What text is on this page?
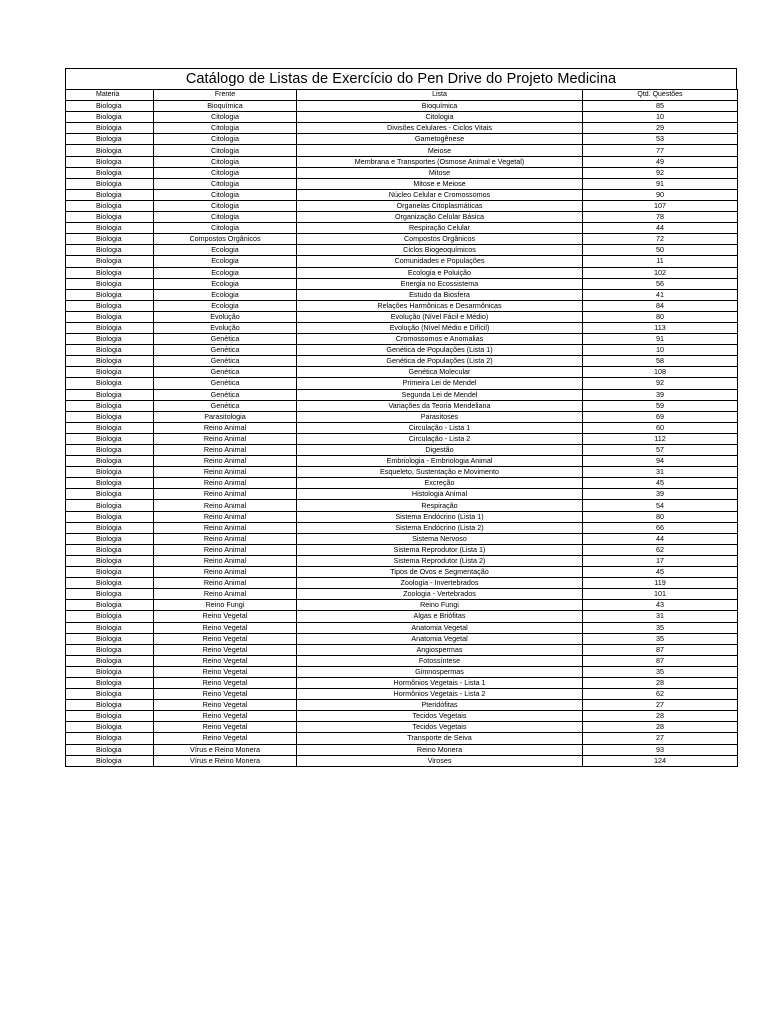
Catálogo de Listas de Exercício do Pen Drive do Projeto Medicina
Materia	Frente	Lista	Qtd. Questões
Biologia	Bioquímica	Bioquímica	85
Biologia	Citologia	Citologia	10
Biologia	Citologia	Divisões Celulares - Ciclos Vitais	29
Biologia	Citologia	Gametogênese	53
Biologia	Citologia	Meiose	77
Biologia	Citologia	Membrana e Transportes (Osmose Animal e Vegetal)	49
Biologia	Citologia	Mitose	92
Biologia	Citologia	Mitose e Meiose	91
Biologia	Citologia	Núcleo Celular e Cromossomos	90
Biologia	Citologia	Organelas Citoplasmáticas	107
Biologia	Citologia	Organização Celular Básica	78
Biologia	Citologia	Respiração Celular	44
Biologia	Compostos Orgânicos	Compostos Orgânicos	72
Biologia	Ecologia	Ciclos Biogeoquímicos	50
Biologia	Ecologia	Comunidades e Populações	11
Biologia	Ecologia	Ecologia e Poluição	102
Biologia	Ecologia	Energia no Ecossistema	56
Biologia	Ecologia	Estudo da Biosfera	41
Biologia	Ecologia	Relações Harmônicas e Desarmônicas	84
Biologia	Evolução	Evolução (Nível Fácil e Médio)	80
Biologia	Evolução	Evolução (Nível Médio e Difícil)	113
Biologia	Genética	Cromossomos e Anomalias	91
Biologia	Genética	Genética de Populações (Lista 1)	10
Biologia	Genética	Genética de Populações (Lista 2)	58
Biologia	Genética	Genética Molecular	108
Biologia	Genética	Primeira Lei de Mendel	92
Biologia	Genética	Segunda Lei de Mendel	39
Biologia	Genética	Variações da Teoria Mendeliana	59
Biologia	Parasitologia	Parasitoses	69
Biologia	Reino Animal	Circulação - Lista 1	60
Biologia	Reino Animal	Circulação - Lista 2	112
Biologia	Reino Animal	Digestão	57
Biologia	Reino Animal	Embriologia - Embriologia Animal	94
Biologia	Reino Animal	Esqueleto, Sustentação e Movimento	31
Biologia	Reino Animal	Excreção	45
Biologia	Reino Animal	Histologia Animal	39
Biologia	Reino Animal	Respiração	54
Biologia	Reino Animal	Sistema Endócrino (Lista 1)	80
Biologia	Reino Animal	Sistema Endócrino (Lista 2)	66
Biologia	Reino Animal	Sistema Nervoso	44
Biologia	Reino Animal	Sistema Reprodutor (Lista 1)	62
Biologia	Reino Animal	Sistema Reprodutor (Lista 2)	17
Biologia	Reino Animal	Tipos de Ovos e Segmentação	45
Biologia	Reino Animal	Zoologia - Invertebrados	119
Biologia	Reino Animal	Zoologia - Vertebrados	101
Biologia	Reino Fungi	Reino Fungi	43
Biologia	Reino Vegetal	Algas e Briófitas	31
Biologia	Reino Vegetal	Anatomia Vegetal	35
Biologia	Reino Vegetal	Anatomia Vegetal	35
Biologia	Reino Vegetal	Angiospermas	87
Biologia	Reino Vegetal	Fotossíntese	87
Biologia	Reino Vegetal	Gimnospermas	35
Biologia	Reino Vegetal	Hormônios Vegetais - Lista 1	28
Biologia	Reino Vegetal	Hormônios Vegetais - Lista 2	62
Biologia	Reino Vegetal	Pteridófitas	27
Biologia	Reino Vegetal	Tecidos Vegetais	28
Biologia	Reino Vegetal	Tecidos Vegetais	28
Biologia	Reino Vegetal	Transporte de Seiva	27
Biologia	Vírus e Reino Monera	Reino Monera	93
Biologia	Vírus e Reino Monera	Viroses	124
